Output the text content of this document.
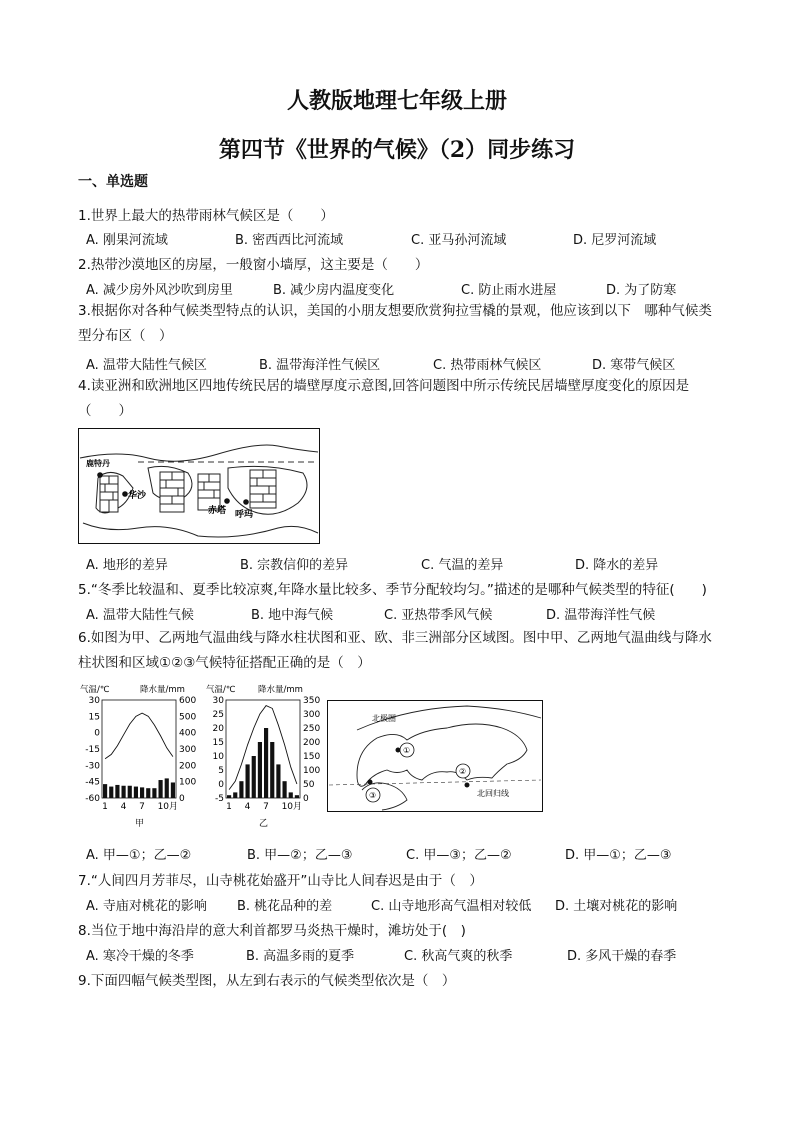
人教版地理七年级上册
第四节《世界的气候》（2）同步练习
一、单选题
1.世界上最大的热带雨林气候区是（　　）
A. 刚果河流域	B. 密西西比河流域	C. 亚马孙河流域	D. 尼罗河流域
2.热带沙漠地区的房屋，一般窗小墙厚，这主要是（　　）
A. 减少房外风沙吹到房里	B. 减少房内温度变化	C. 防止雨水进屋	D. 为了防寒
3.根据你对各种气候类型特点的认识，美国的小朋友想要欣赏狗拉雪橇的景观，他应该到以下　哪种气候类型分布区（　）
A. 温带大陆性气候区	B. 温带海洋性气候区	C. 热带雨林气候区	D. 寒带气候区
4.读亚洲和欧洲地区四地传统民居的墙壁厚度示意图,回答问题图中所示传统民居墙壁厚度变化的原因是（　　）
鹿特丹
华沙
赤塔 呼玛
A. 地形的差异	B. 宗教信仰的差异	C. 气温的差异	D. 降水的差异
5.“冬季比较温和、夏季比较凉爽,年降水量比较多、季节分配较均匀。”描述的是哪种气候类型的特征(　　)
A. 温带大陆性气候	B. 地中海气候	C. 亚热带季风气候	D. 温带海洋性气候
6.如图为甲、乙两地气温曲线与降水柱状图和亚、欧、非三洲部分区域图。图中甲、乙两地气温曲线与降水柱状图和区域①②③气候特征搭配正确的是（　）
气温/℃	降水量/mm
30
15
0
-15
-30
-45
-60
600
500
400
300
200
100
0
1 4 7 10月
甲
气温/℃	降水量/mm
30
25
20
15
10
5
0
-5
350
300
250
200
150
100
50
0
1 4 7 10月
乙
北极圈
北回归线
①
②
③
A. 甲—①；乙—②	B. 甲—②；乙—③	C. 甲—③；乙—②	D. 甲—①；乙—③
7.“人间四月芳菲尽，山寺桃花始盛开”山寺比人间春迟是由于（　）
A. 寺庙对桃花的影响 B. 桃花品种的差	C. 山寺地形高气温相对较低 D. 土壤对桃花的影响
8.当位于地中海沿岸的意大利首都罗马炎热干燥时，滩坊处于(　)
A. 寒冷干燥的冬季	B. 高温多雨的夏季	C. 秋高气爽的秋季	D. 多风干燥的春季
9.下面四幅气候类型图，从左到右表示的气候类型依次是（　）
